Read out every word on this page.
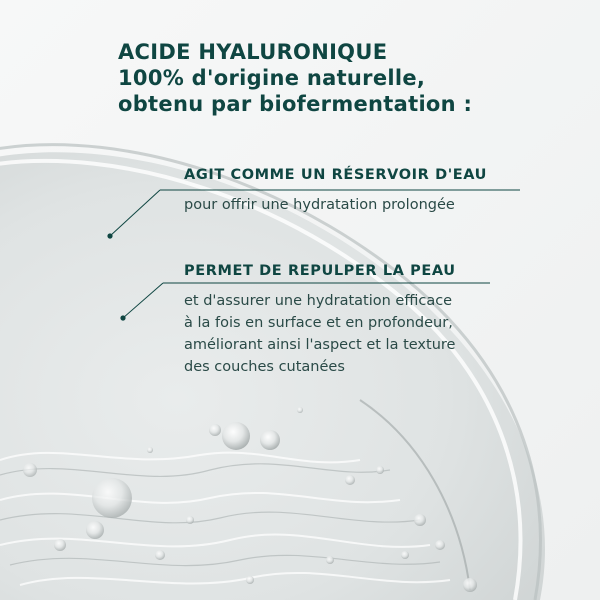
ACIDE HYALURONIQUE
100% d'origine naturelle,
obtenu par biofermentation :

AGIT COMME UN RÉSERVOIR D'EAU

pour offrir une hydratation prolongée

PERMET DE REPULPER LA PEAU

et d'assurer une hydratation efficace
à la fois en surface et en profondeur,
améliorant ainsi l'aspect et la texture
des couches cutanées
